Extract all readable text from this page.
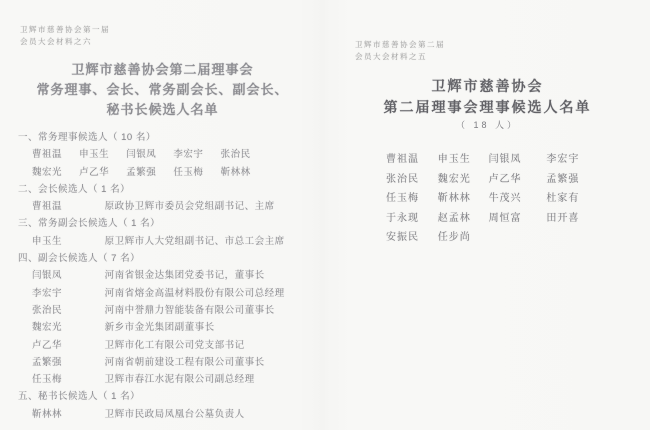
卫辉市慈善协会第一届
会员大会材料之六
卫辉市慈善协会第二届理事会
常务理事、会长、常务副会长、副会长、
秘书长候选人名单
一、常务理事候选人（ 10 名）
曹祖温 申玉生 闫银凤 李宏宇 张治民
魏宏光 卢乙华 孟繁强 任玉梅 靳林林
二、会长候选人（ 1 名）
曹祖温	原政协卫辉市委员会党组副书记、主席
三、常务副会长候选人（ 1 名）
申玉生	原卫辉市人大党组副书记、市总工会主席
四、副会长候选人（ 7 名）
闫银凤	河南省银金达集团党委书记，董事长
李宏宇	河南省熔金高温材料股份有限公司总经理
张治民	河南中誉鼎力智能装备有限公司董事长
魏宏光	新乡市金光集团副董事长
卢乙华	卫辉市化工有限公司党支部书记
孟繁强	河南省朝前建设工程有限公司董事长
任玉梅	卫辉市春江水泥有限公司副总经理
五、秘书长候选人（ 1 名）
靳林林	卫辉市民政局凤凰台公墓负责人
卫辉市慈善协会第二届
会员大会材料之五
卫辉市慈善协会
第二届理事会理事候选人名单
（ 18 人）
曹祖温 申玉生 闫银凤 李宏宇
张治民 魏宏光 卢乙华 孟繁强
任玉梅 靳林林 牛茂兴 杜家有
于永现 赵孟林 周恒富 田开喜
安振民 任步尚
